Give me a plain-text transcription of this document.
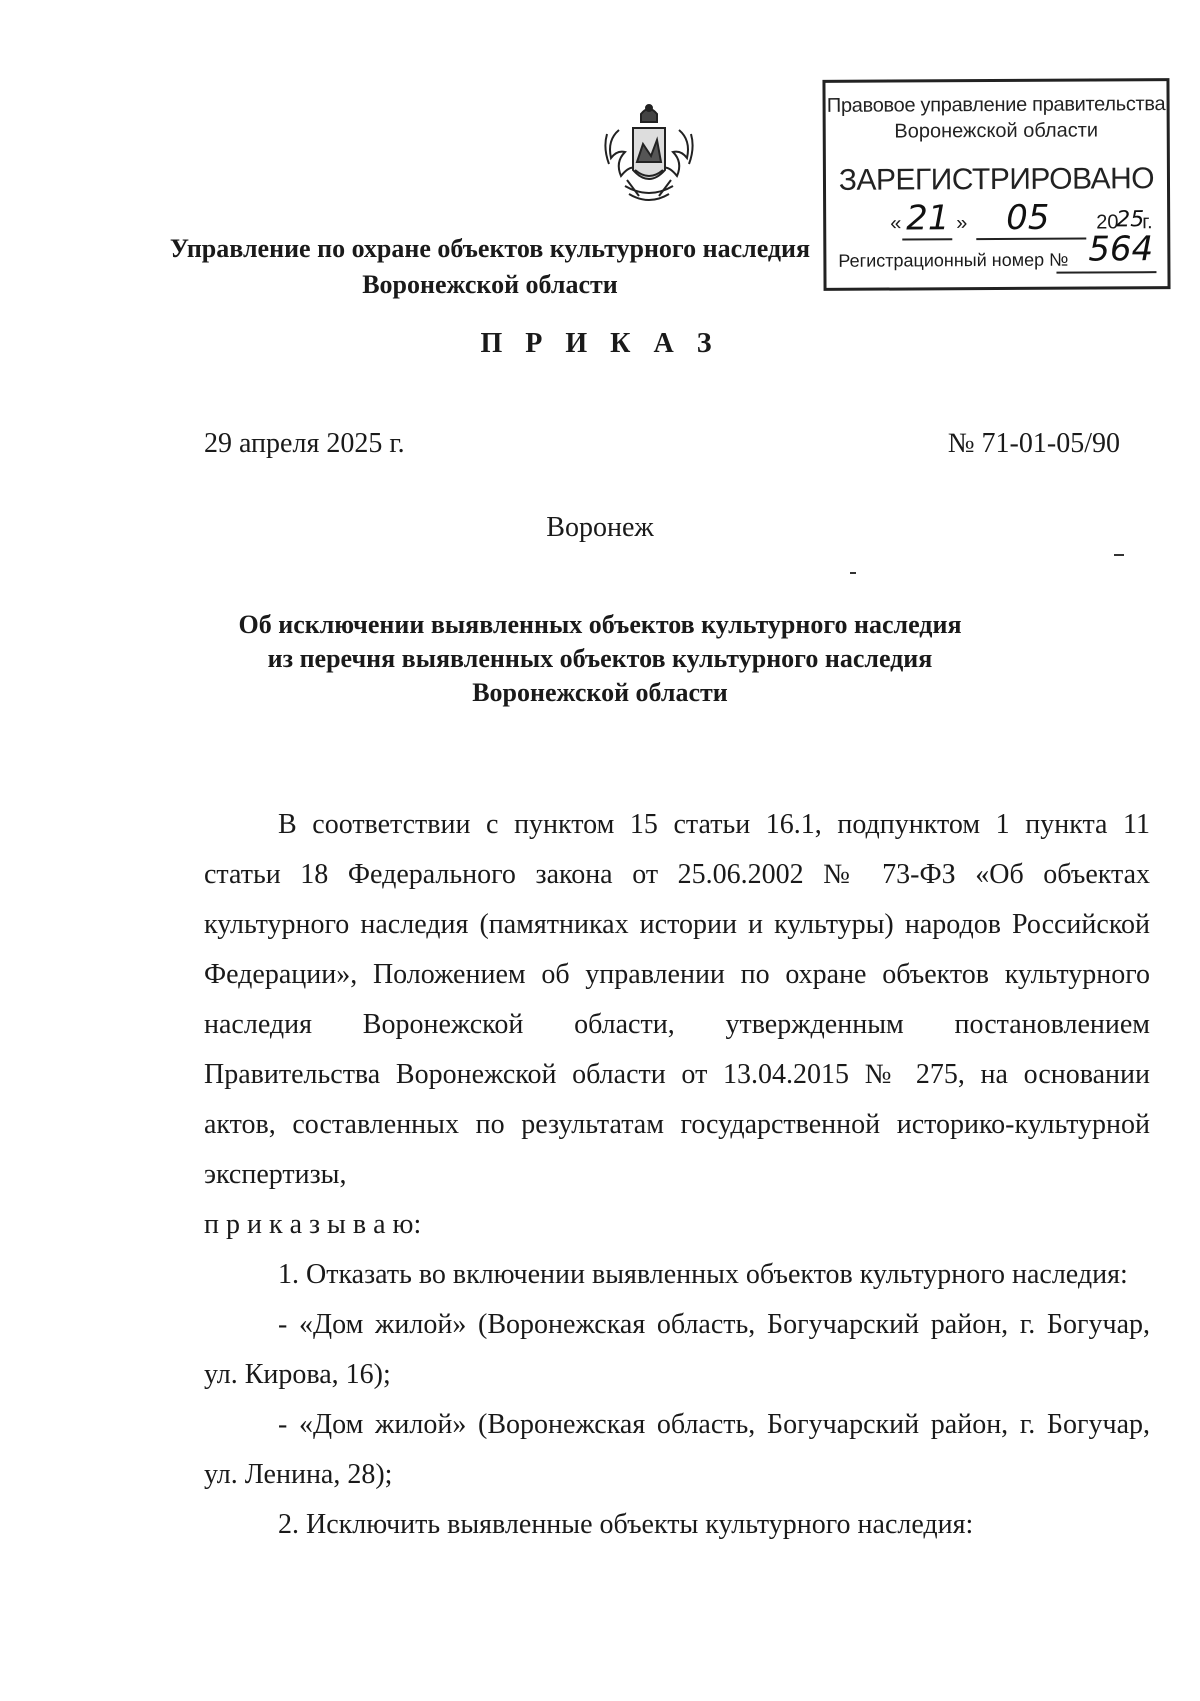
Управление по охране объектов культурного наследия
Воронежской области
Правовое управление правительства
Воронежской области
ЗАРЕГИСТРИРОВАНО
« 21 » 05 20
25
г.
Регистрационный номер № 564
П Р И К А З
29 апреля 2025 г.	№ 71-01-05/90
Воронеж
Об исключении выявленных объектов культурного наследия
из перечня выявленных объектов культурного наследия
Воронежской области
В соответствии с пунктом 15 статьи 16.1, подпунктом 1 пункта 11
статьи 18 Федерального закона от 25.06.2002 № 73-ФЗ «Об объектах
культурного наследия (памятниках истории и культуры) народов Российской
Федерации», Положением об управлении по охране объектов культурного
наследия Воронежской области, утвержденным постановлением
Правительства Воронежской области от 13.04.2015 № 275, на основании
актов, составленных по результатам государственной историко-культурной
экспертизы,
п р и к а з ы в а ю:
1. Отказать во включении выявленных объектов культурного наследия:
- «Дом жилой» (Воронежская область, Богучарский район, г. Богучар,
ул. Кирова, 16);
- «Дом жилой» (Воронежская область, Богучарский район, г. Богучар,
ул. Ленина, 28);
2. Исключить выявленные объекты культурного наследия:
